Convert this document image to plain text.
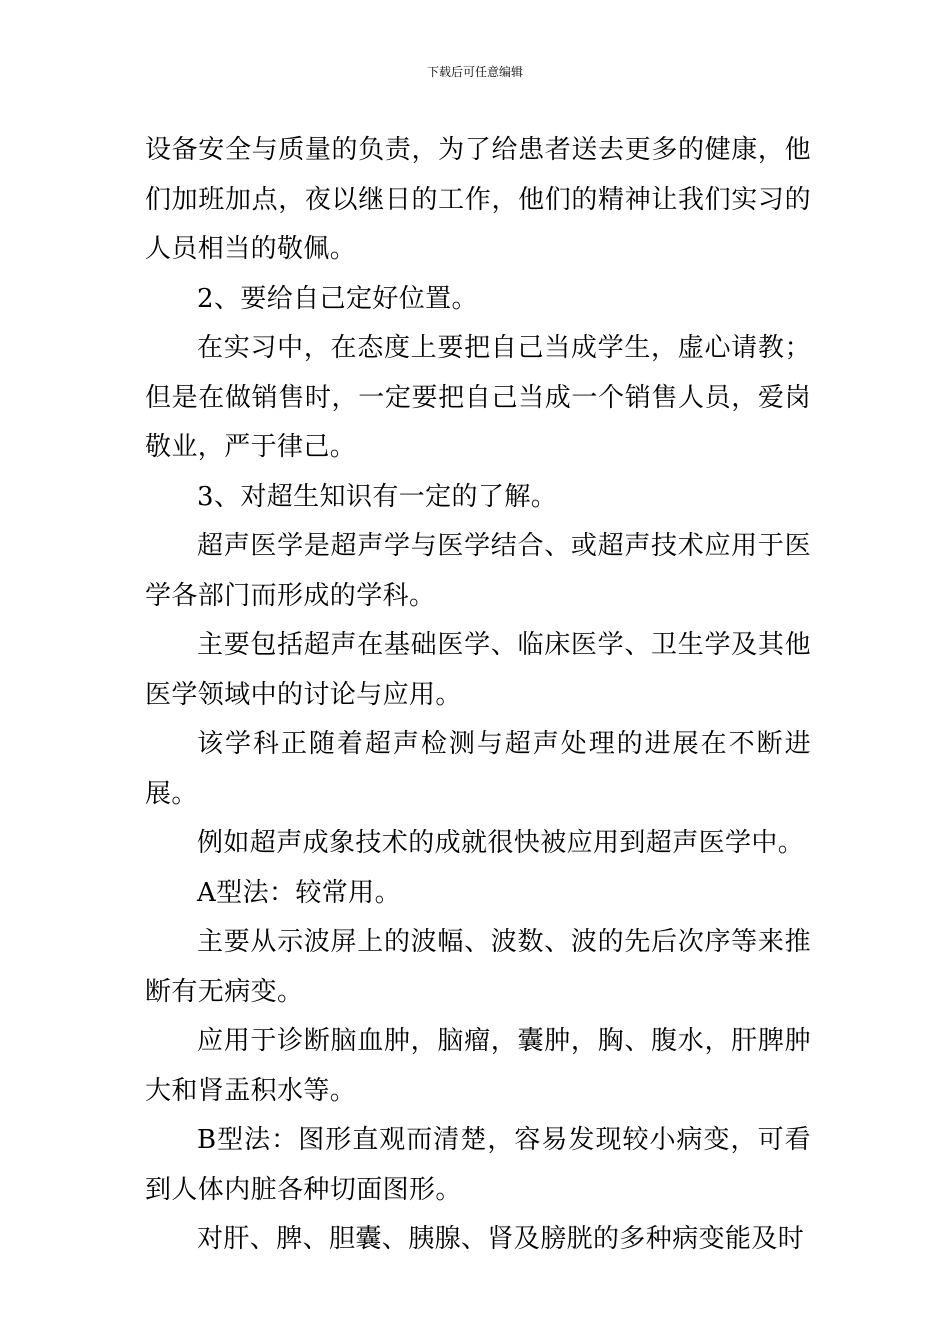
下载后可任意编辑

设备安全与质量的负责，为了给患者送去更多的健康，他们加班加点，夜以继日的工作，他们的精神让我们实习的人员相当的敬佩。

2、要给自己定好位置。

在实习中，在态度上要把自己当成学生，虚心请教；但是在做销售时，一定要把自己当成一个销售人员，爱岗敬业，严于律己。

3、对超生知识有一定的了解。

超声医学是超声学与医学结合、或超声技术应用于医学各部门而形成的学科。

主要包括超声在基础医学、临床医学、卫生学及其他医学领域中的讨论与应用。

该学科正随着超声检测与超声处理的进展在不断进展。

例如超声成象技术的成就很快被应用到超声医学中。

A型法：较常用。

主要从示波屏上的波幅、波数、波的先后次序等来推断有无病变。

应用于诊断脑血肿，脑瘤，囊肿，胸、腹水，肝脾肿大和肾盂积水等。

B型法：图形直观而清楚，容易发现较小病变，可看到人体内脏各种切面图形。

对肝、脾、胆囊、胰腺、肾及膀胱的多种病变能及时
